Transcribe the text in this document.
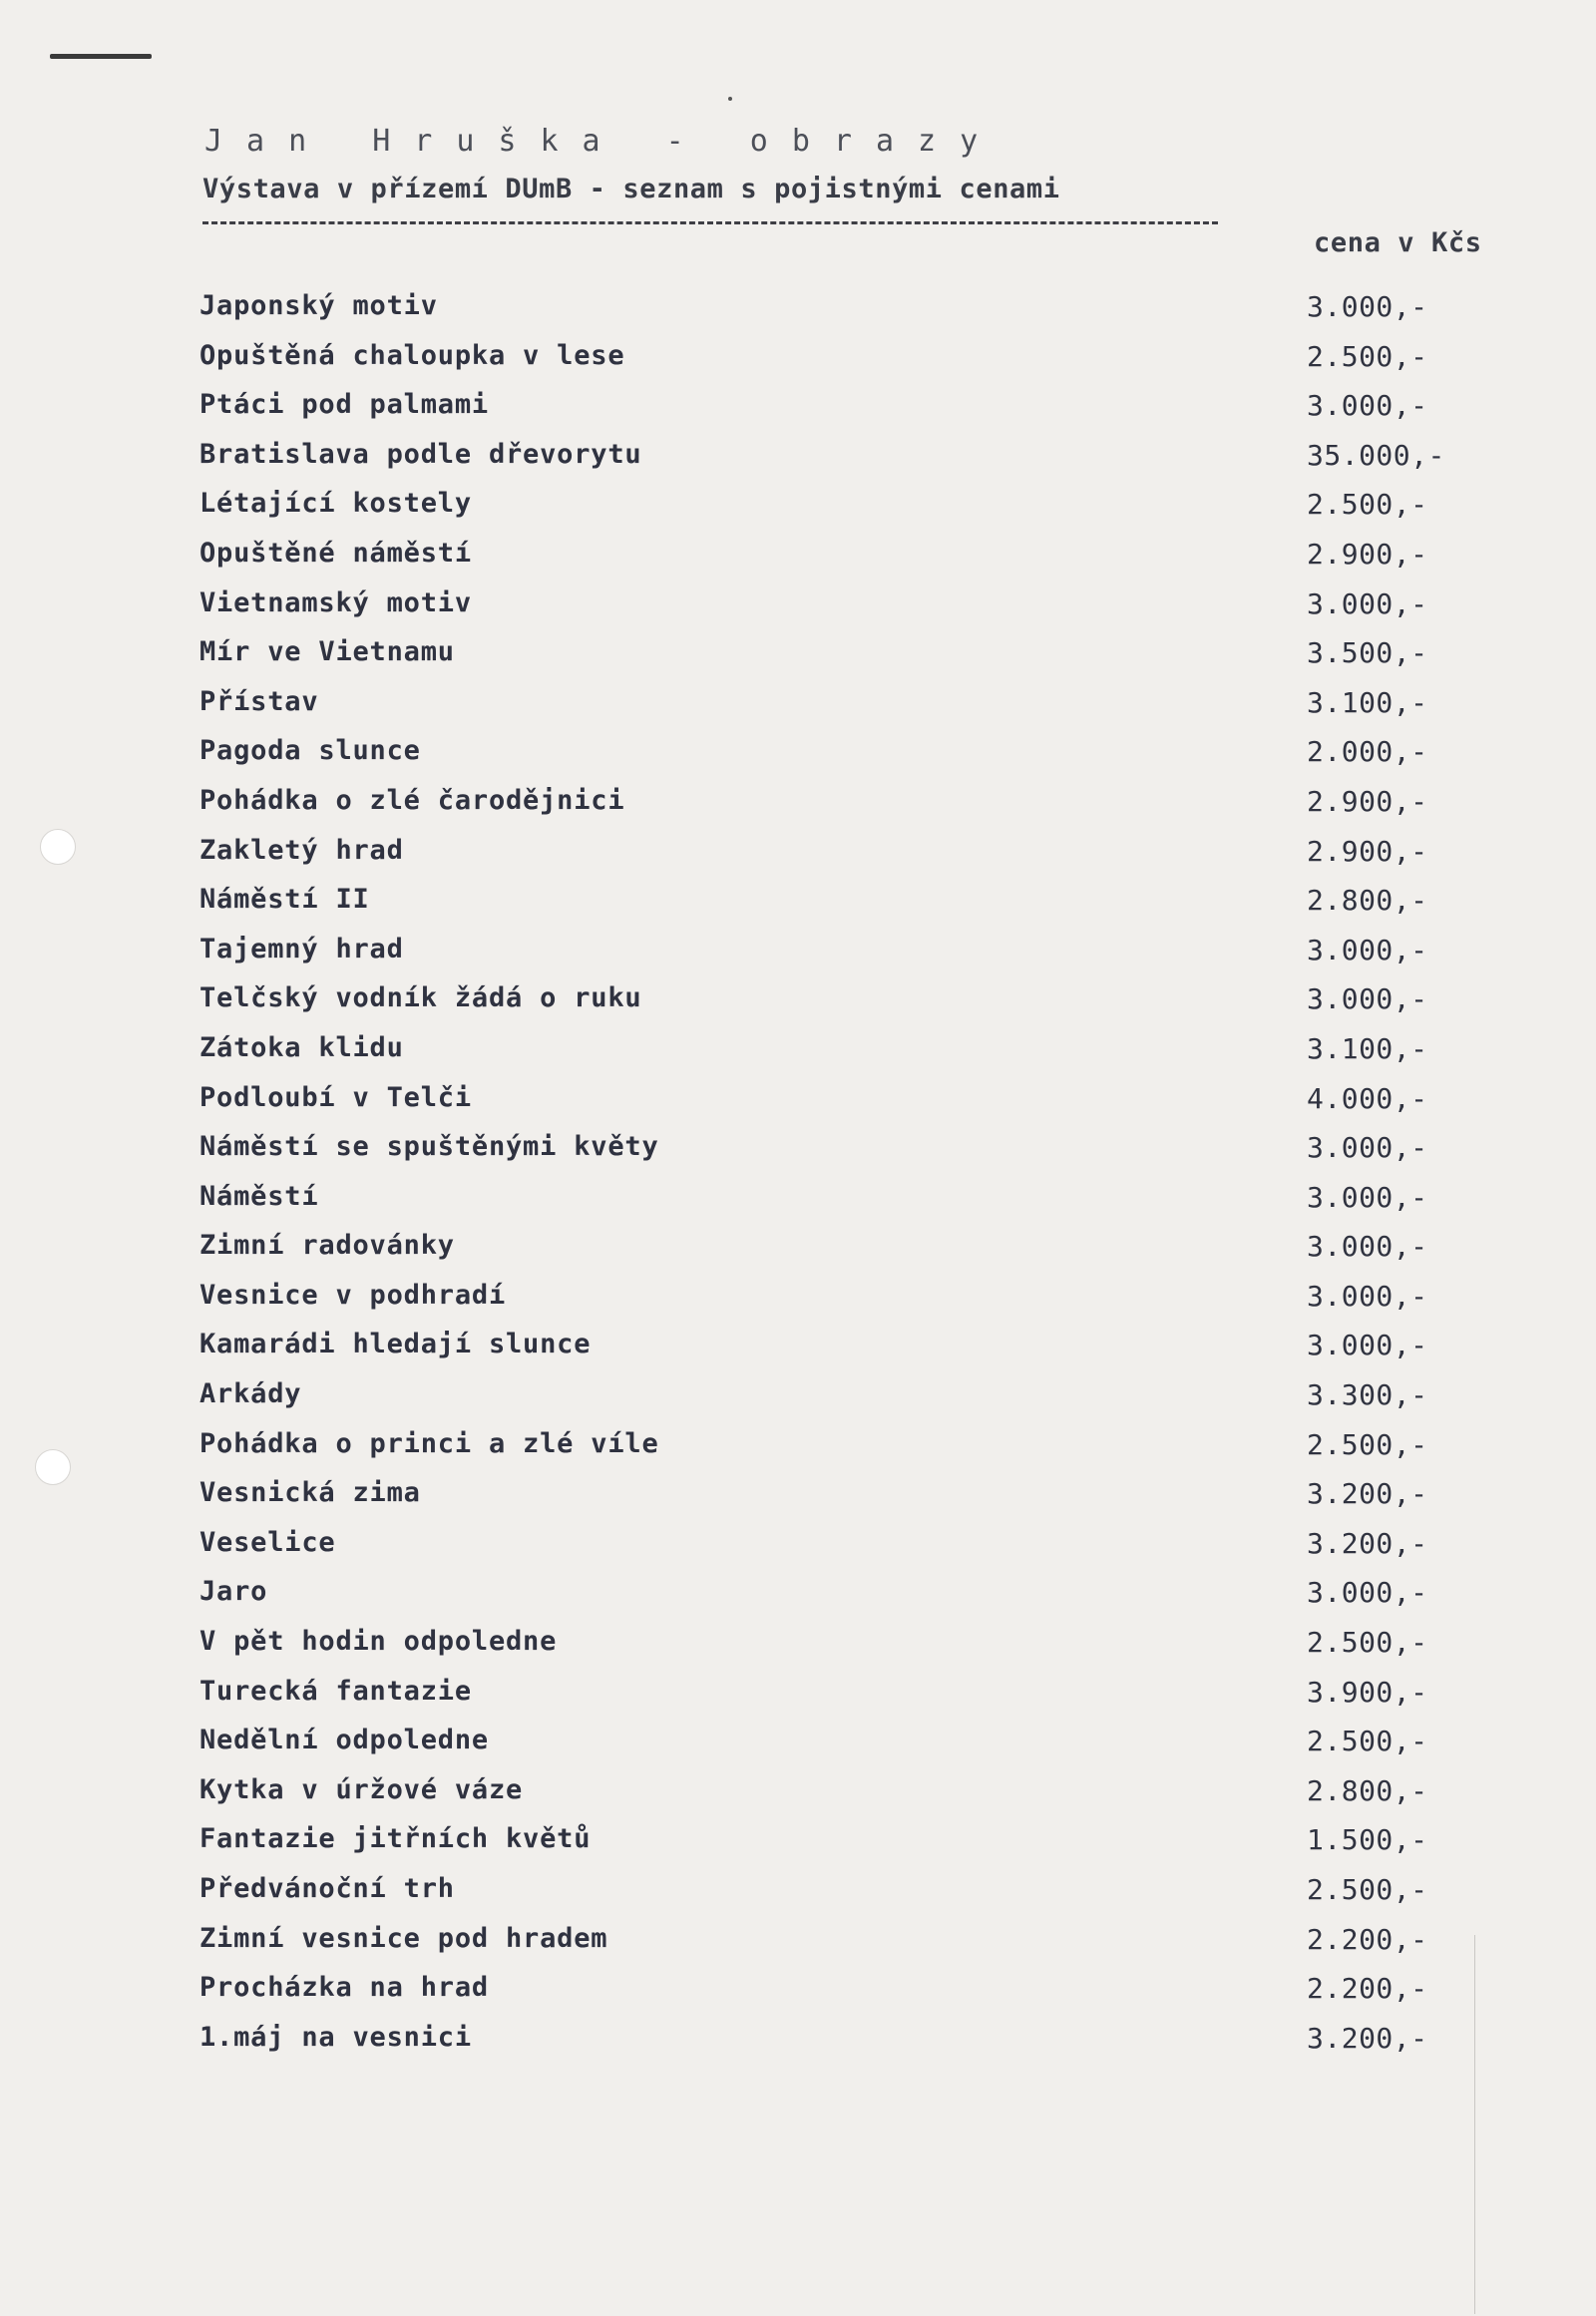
Jan Hruška - obrazy
Výstava v přízemí DUmB - seznam s pojistnými cenami
cena v Kčs
Japonský motiv	3.000,-
Opuštěná chaloupka v lese	2.500,-
Ptáci pod palmami	3.000,-
Bratislava podle dřevorytu	35.000,-
Létající kostely	2.500,-
Opuštěné náměstí	2.900,-
Vietnamský motiv	3.000,-
Mír ve Vietnamu	3.500,-
Přístav	3.100,-
Pagoda slunce	2.000,-
Pohádka o zlé čarodějnici	2.900,-
Zakletý hrad	2.900,-
Náměstí II	2.800,-
Tajemný hrad	3.000,-
Telčský vodník žádá o ruku	3.000,-
Zátoka klidu	3.100,-
Podloubí v Telči	4.000,-
Náměstí se spuštěnými květy	3.000,-
Náměstí	3.000,-
Zimní radovánky	3.000,-
Vesnice v podhradí	3.000,-
Kamarádi hledají slunce	3.000,-
Arkády	3.300,-
Pohádka o princi a zlé víle	2.500,-
Vesnická zima	3.200,-
Veselice	3.200,-
Jaro	3.000,-
V pět hodin odpoledne	2.500,-
Turecká fantazie	3.900,-
Nedělní odpoledne	2.500,-
Kytka v úržové váze	2.800,-
Fantazie jitřních květů	1.500,-
Předvánoční trh	2.500,-
Zimní vesnice pod hradem	2.200,-
Procházka na hrad	2.200,-
1.máj na vesnici	3.200,-
